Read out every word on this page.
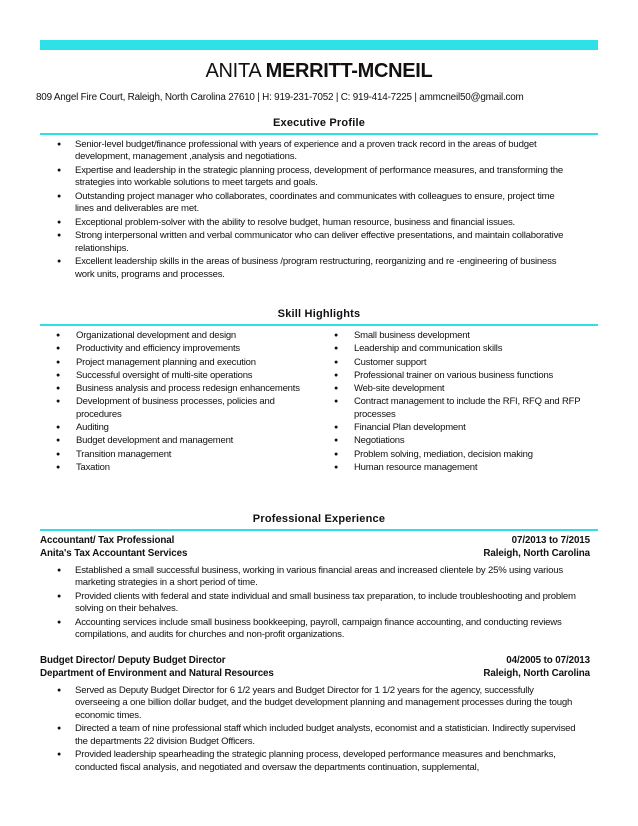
ANITA MERRITT-MCNEIL
809 Angel Fire Court, Raleigh, North Carolina 27610 | H: 919-231-7052 | C: 919-414-7225 | ammcneil50@gmail.com
Executive Profile
● Senior-level budget/finance professional with years of experience and a proven track record in the areas of budget development, management ,analysis and negotiations.
● Expertise and leadership in the strategic planning process, development of performance measures, and transforming the strategies into workable solutions to meet targets and goals.
● Outstanding project manager who collaborates, coordinates and communicates with colleagues to ensure, project time lines and deliverables are met.
● Exceptional problem-solver with the ability to resolve budget, human resource, business and financial issues.
● Strong interpersonal written and verbal communicator who can deliver effective presentations, and maintain collaborative relationships.
● Excellent leadership skills in the areas of business /program restructuring, reorganizing and re -engineering of business work units, programs and processes.
Skill Highlights
● Organizational development and design
● Productivity and efficiency improvements
● Project management planning and execution
● Successful oversight of multi-site operations
● Business analysis and process redesign enhancements
● Development of business processes, policies and procedures
● Auditing
● Budget development and management
● Transition management
● Taxation
● Small business development
● Leadership and communication skills
● Customer support
● Professional trainer on various business functions
● Web-site development
● Contract management to include the RFI, RFQ and RFP processes
● Financial Plan development
● Negotiations
● Problem solving, mediation, decision making
● Human resource management
Professional Experience
Accountant/ Tax Professional	07/2013 to 7/2015
Anita's Tax Accountant Services	Raleigh, North Carolina
● Established a small successful business, working in various financial areas and increased clientele by 25% using various marketing strategies in a short period of time.
● Provided clients with federal and state individual and small business tax preparation, to include troubleshooting and problem solving on their behalves.
● Accounting services include small business bookkeeping, payroll, campaign finance accounting, and conducting reviews compilations, and audits for churches and non-profit organizations.
Budget Director/ Deputy Budget Director	04/2005 to 07/2013
Department of Environment and Natural Resources	Raleigh, North Carolina
● Served as Deputy Budget Director for 6 1/2 years and Budget Director for 1 1/2 years for the agency, successfully overseeing a one billion dollar budget, and the budget development planning and management processes during the tough economic times.
● Directed a team of nine professional staff which included budget analysts, economist and a statistician. Indirectly supervised the departments 22 division Budget Officers.
● Provided leadership spearheading the strategic planning process, developed performance measures and benchmarks, conducted fiscal analysis, and negotiated and oversaw the departments continuation, supplemental,
